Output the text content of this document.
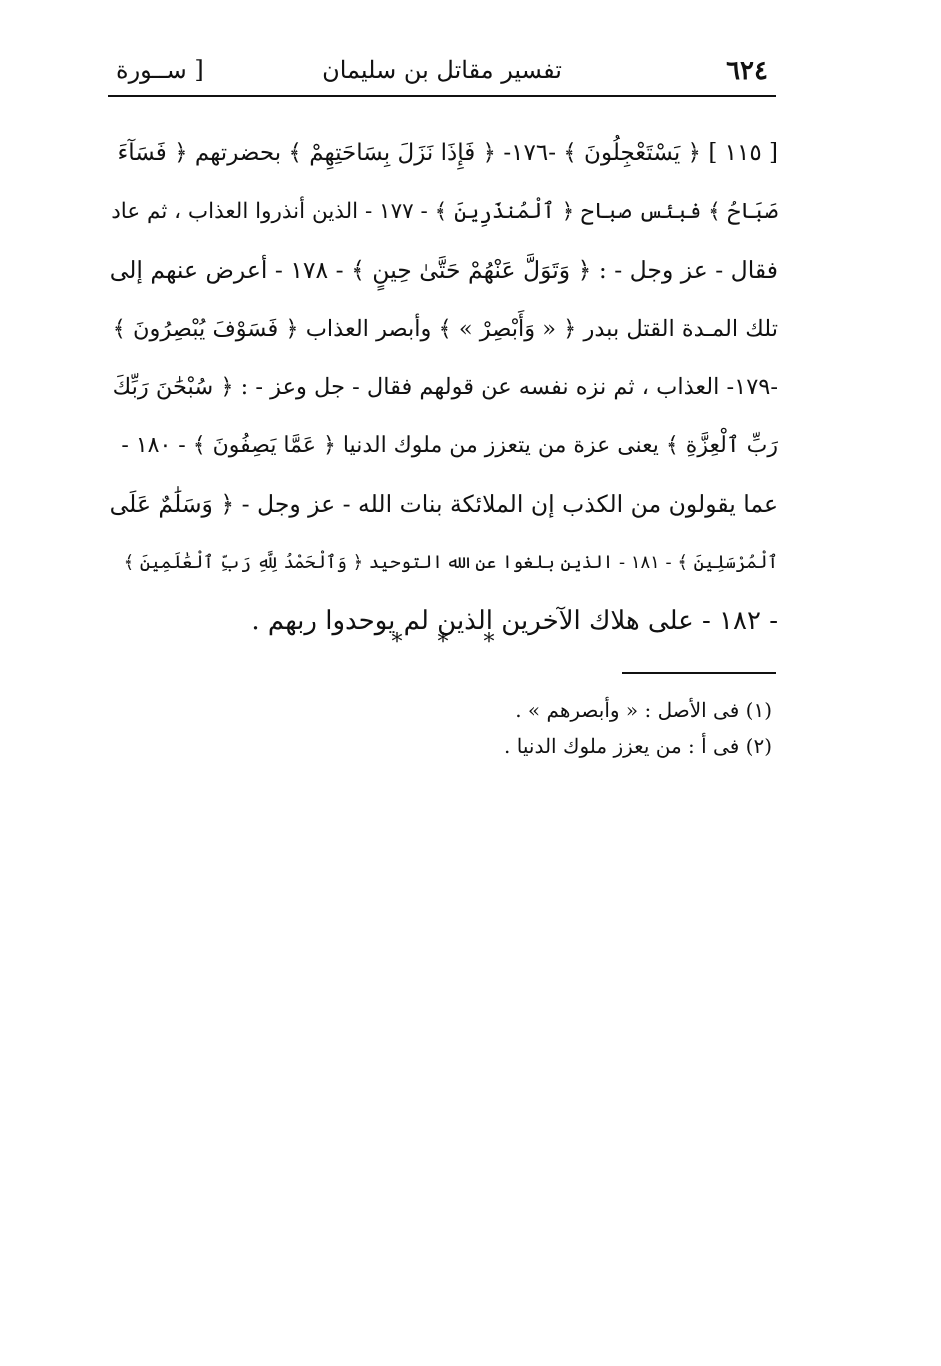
٦٢٤
تفسير مقاتل بن سليمان
[ ســورة
[ ١١٥ ] ﴿ يَسْتَعْجِلُونَ ﴾ -١٧٦- ﴿ فَإِذَا نَزَلَ بِسَاحَتِهِمْ ﴾ بحضرتهم ﴿ فَسَآءَ
صَبَاحُ ﴾ فبئس صباح ﴿ ٱلْمُنذَرِينَ ﴾ - ١٧٧ - الذين أنذروا العذاب ، ثم عاد
فقال - عز وجل - : ﴿ وَتَوَلَّ عَنْهُمْ حَتَّىٰ حِينٍ ﴾ - ١٧٨ - أعرض عنهم إلى
تلك المـدة القتل ببدر ﴿ « وَأَبْصِرْ » ﴾ وأبصر العذاب ﴿ فَسَوْفَ يُبْصِرُونَ ﴾
-١٧٩- العذاب ، ثم نزه نفسه عن قولهم فقال - جل وعز - : ﴿ سُبْحَٰنَ رَبِّكَ
رَبِّ ٱلْعِزَّةِ ﴾ يعنى عزة من يتعزز من ملوك الدنيا ﴿ عَمَّا يَصِفُونَ ﴾ - ١٨٠ -
عما يقولون من الكذب إن الملائكة بنات الله - عز وجل - ﴿ وَسَلَٰمٌ عَلَى
ٱلْمُرْسَلِينَ ﴾ - ١٨١ - الذين بلغوا عن الله التوحيد ﴿ وَٱلْحَمْدُ لِلَّهِ رَبِّ ٱلْعَٰلَمِينَ ﴾
- ١٨٢ - على هلاك الآخرين الذين لم يوحدوا ربهم .
* * *
(١) فى الأصل : « وأبصرهم » .
(٢) فى أ : من يعزز ملوك الدنيا .
